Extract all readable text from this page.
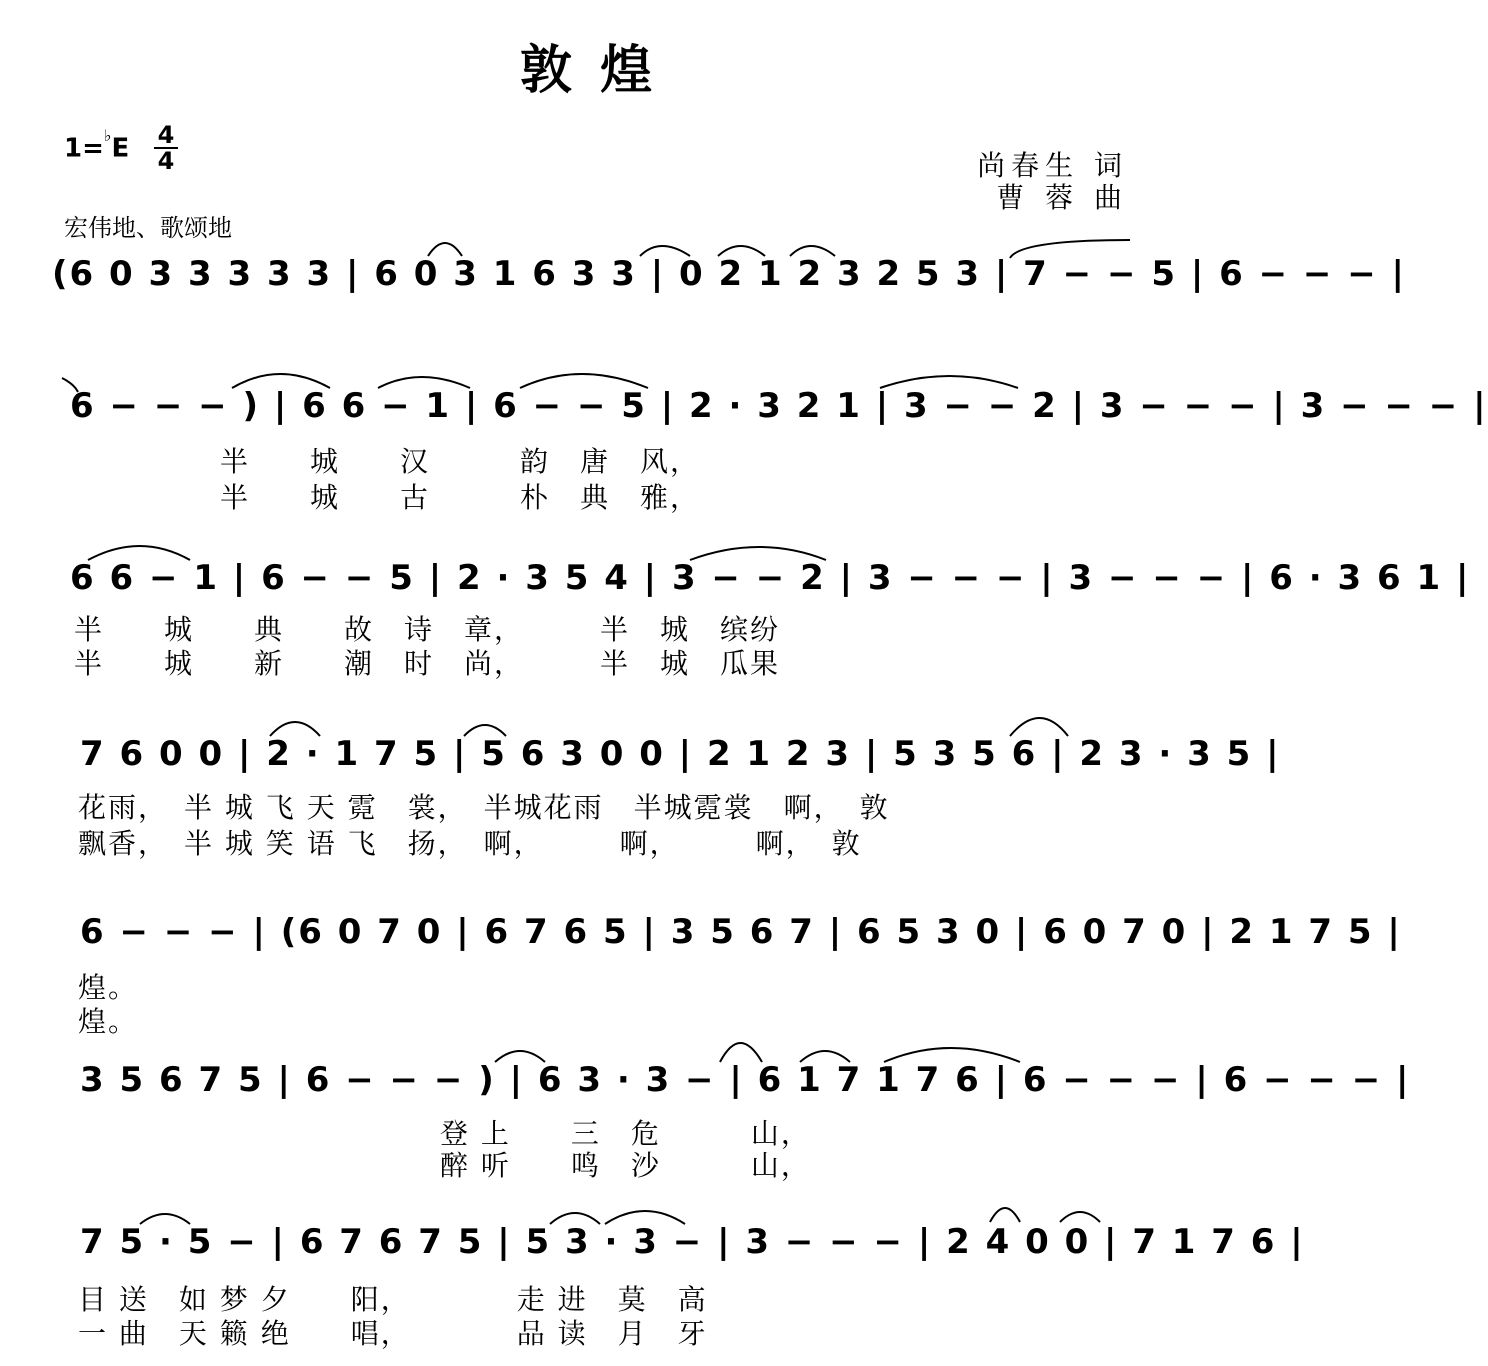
敦煌
1=♭E 4
4	尚春生 词
曹 蓉 曲
宏伟地、歌颂地
(6 0 3 3 3 3 3 | 6 0 3 1 6 3 3 | 0 2 1 2 3 2 5 3 | 7 − − 5 | 6 − − − |
6 − − − ) | 6 6 − 1 | 6 − − 5 | 2 · 3 2 1 | 3 − − 2 | 3 − − − | 3 − − − |
半　　城　　汉　　　韵　唐　风，
半　　城　　古　　　朴　典　雅，
6 6 − 1 | 6 − − 5 | 2 · 3 5 4 | 3 − − 2 | 3 − − − | 3 − − − | 6 · 3 6 1 |
半　　城　　典　　故　诗　章，　　　半　城　缤纷
半　　城　　新　　潮　时　尚，　　　半　城　瓜果
7 6 0 0 | 2 · 1 7 5 | 5 6 3 0 0 | 2 1 2 3 | 5 3 5 6 | 2 3 · 3 5 |
花雨，　半 城 飞 天 霓　裳，　半城花雨　半城霓裳　啊，　敦
飘香，　半 城 笑 语 飞　扬，　啊，　　　啊，　　　啊，　敦
6 − − − | (6 0 7 0 | 6 7 6 5 | 3 5 6 7 | 6 5 3 0 | 6 0 7 0 | 2 1 7 5 |
煌。
煌。
3 5 6 7 5 | 6 − − − ) | 6 3 · 3 − | 6 1 7 1 7 6 | 6 − − − | 6 − − − |
登 上　　三　危　　　山，
醉 听　　鸣　沙　　　山，
7 5 · 5 − | 6 7 6 7 5 | 5 3 · 3 − | 3 − − − | 2 4 0 0 | 7 1 7 6 |
目 送　如 梦 夕　　阳，　　　　走 进　莫　高
一 曲　天 籁 绝　　唱，　　　　品 读　月　牙
